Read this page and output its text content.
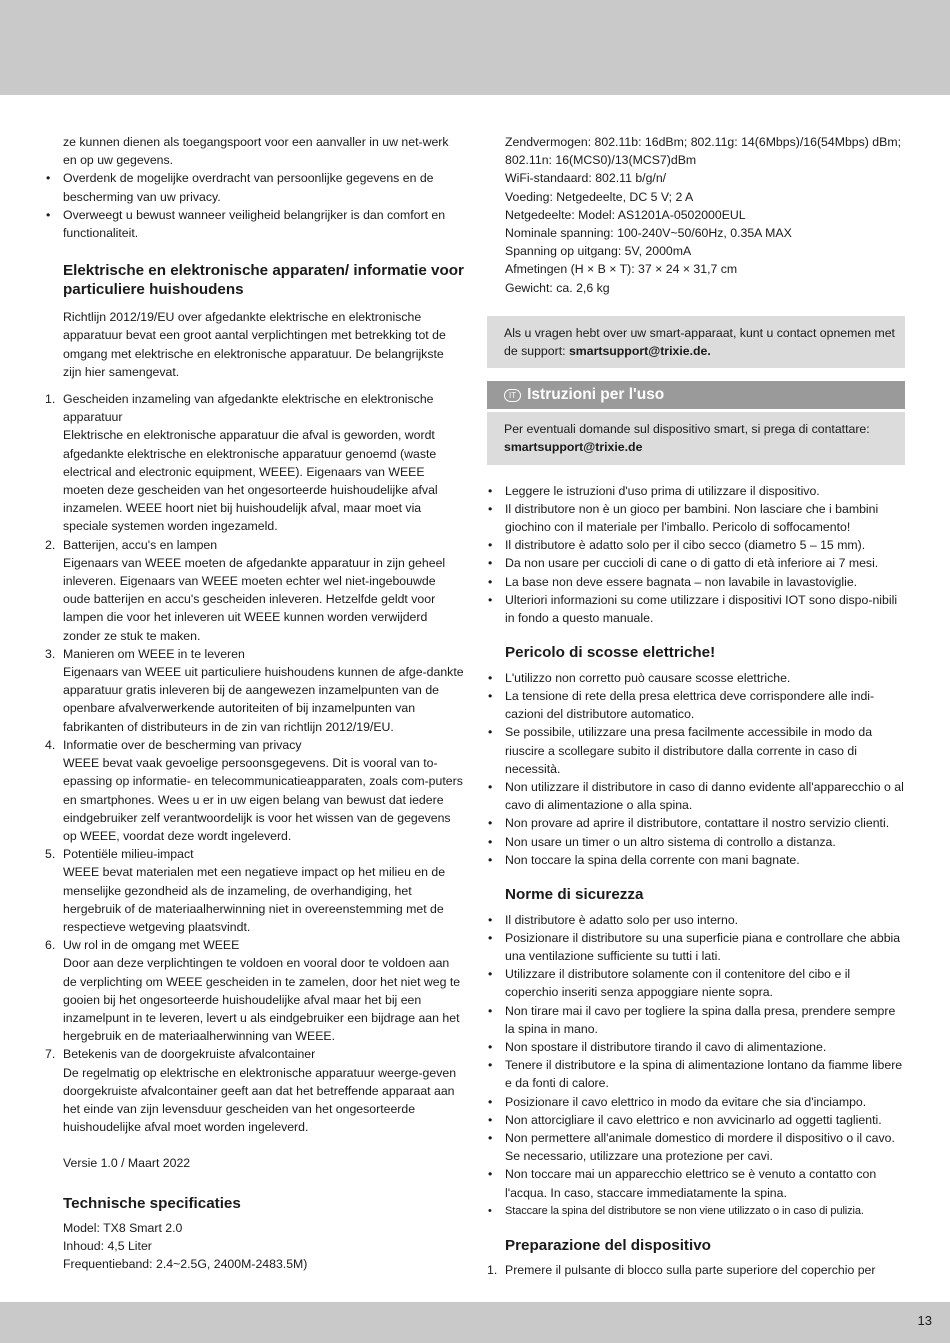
ze kunnen dienen als toegangspoort voor een aanvaller in uw net-werk en op uw gegevens.
• Overdenk de mogelijke overdracht van persoonlijke gegevens en de bescherming van uw privacy.
• Overweegt u bewust wanneer veiligheid belangrijker is dan comfort en functionaliteit.
Elektrische en elektronische apparaten/ informatie voor particuliere huishoudens

Richtlijn 2012/19/EU over afgedankte elektrische en elektronische apparatuur bevat een groot aantal verplichtingen met betrekking tot de omgang met elektrische en elektronische apparatuur. De belangrijkste zijn hier samengevat.

1. Gescheiden inzameling van afgedankte elektrische en elektronische apparatuur
Elektrische en elektronische apparatuur die afval is geworden, wordt afgedankte elektrische en elektronische apparatuur genoemd (waste electrical and electronic equipment, WEEE). Eigenaars van WEEE moeten deze gescheiden van het ongesorteerde huishoudelijke afval inzamelen. WEEE hoort niet bij huishoudelijk afval, maar moet via speciale systemen worden ingezameld.
2. Batterijen, accu's en lampen
Eigenaars van WEEE moeten de afgedankte apparatuur in zijn geheel inleveren. Eigenaars van WEEE moeten echter wel niet-ingebouwde oude batterijen en accu's gescheiden inleveren. Hetzelfde geldt voor lampen die voor het inleveren uit WEEE kunnen worden verwijderd zonder ze stuk te maken.
3. Manieren om WEEE in te leveren
Eigenaars van WEEE uit particuliere huishoudens kunnen de afge-dankte apparatuur gratis inleveren bij de aangewezen inzamelpunten van de openbare afvalverwerkende autoriteiten of bij inzamelpunten van fabrikanten of distributeurs in de zin van richtlijn 2012/19/EU.
4. Informatie over de bescherming van privacy
WEEE bevat vaak gevoelige persoonsgegevens. Dit is vooral van to-epassing op informatie- en telecommunicatieapparaten, zoals com-puters en smartphones. Wees u er in uw eigen belang van bewust dat iedere eindgebruiker zelf verantwoordelijk is voor het wissen van de gegevens op WEEE, voordat deze wordt ingeleverd.
5. Potentiële milieu-impact
WEEE bevat materialen met een negatieve impact op het milieu en de menselijke gezondheid als de inzameling, de overhandiging, het hergebruik of de materiaalherwinning niet in overeenstemming met de respectieve wetgeving plaatsvindt.
6. Uw rol in de omgang met WEEE
Door aan deze verplichtingen te voldoen en vooral door te voldoen aan de verplichting om WEEE gescheiden in te zamelen, door het niet weg te gooien bij het ongesorteerde huishoudelijke afval maar het bij een inzamelpunt in te leveren, levert u als eindgebruiker een bijdrage aan het hergebruik en de materiaalherwinning van WEEE.
7. Betekenis van de doorgekruiste afvalcontainer
De regelmatig op elektrische en elektronische apparatuur weerge-geven doorgekruiste afvalcontainer geeft aan dat het betreffende apparaat aan het einde van zijn levensduur gescheiden van het ongesorteerde huishoudelijke afval moet worden ingeleverd.

Versie 1.0 / Maart 2022

Technische specificaties
Model: TX8 Smart 2.0
Inhoud: 4,5 Liter
Frequentieband: 2.4~2.5G, 2400M-2483.5M)
Zendvermogen: 802.11b: 16dBm; 802.11g: 14(6Mbps)/16(54Mbps) dBm; 802.11n: 16(MCS0)/13(MCS7)dBm
WiFi-standaard: 802.11 b/g/n/
Voeding: Netgedeelte, DC 5 V; 2 A
Netgedeelte: Model: AS1201A-0502000EUL
Nominale spanning: 100-240V~50/60Hz, 0.35A MAX
Spanning op uitgang: 5V, 2000mA
Afmetingen (H × B × T): 37 × 24 × 31,7 cm
Gewicht: ca. 2,6 kg
Als u vragen hebt over uw smart-apparaat, kunt u contact opnemen met de support: smartsupport@trixie.de.
IT Istruzioni per l'uso
Per eventuali domande sul dispositivo smart, si prega di contattare: smartsupport@trixie.de
• Leggere le istruzioni d'uso prima di utilizzare il dispositivo.
• Il distributore non è un gioco per bambini. Non lasciare che i bambini giochino con il materiale per l'imballo. Pericolo di soffocamento!
• Il distributore è adatto solo per il cibo secco (diametro 5 – 15 mm).
• Da non usare per cuccioli di cane o di gatto di età inferiore ai 7 mesi.
• La base non deve essere bagnata – non lavabile in lavastoviglie.
• Ulteriori informazioni su come utilizzare i dispositivi IOT sono dispo-nibili in fondo a questo manuale.
Pericolo di scosse elettriche!
• L'utilizzo non corretto può causare scosse elettriche.
• La tensione di rete della presa elettrica deve corrispondere alle indi-cazioni del distributore automatico.
• Se possibile, utilizzare una presa facilmente accessibile in modo da riuscire a scollegare subito il distributore dalla corrente in caso di necessità.
• Non utilizzare il distributore in caso di danno evidente all'apparecchio o al cavo di alimentazione o alla spina.
• Non provare ad aprire il distributore, contattare il nostro servizio clienti.
• Non usare un timer o un altro sistema di controllo a distanza.
• Non toccare la spina della corrente con mani bagnate.
Norme di sicurezza
• Il distributore è adatto solo per uso interno.
• Posizionare il distributore su una superficie piana e controllare che abbia una ventilazione sufficiente su tutti i lati.
• Utilizzare il distributore solamente con il contenitore del cibo e il coperchio inseriti senza appoggiare niente sopra.
• Non tirare mai il cavo per togliere la spina dalla presa, prendere sempre la spina in mano.
• Non spostare il distributore tirando il cavo di alimentazione.
• Tenere il distributore e la spina di alimentazione lontano da fiamme libere e da fonti di calore.
• Posizionare il cavo elettrico in modo da evitare che sia d'inciampo.
• Non attorcigliare il cavo elettrico e non avvicinarlo ad oggetti taglienti.
• Non permettere all'animale domestico di mordere il dispositivo o il cavo. Se necessario, utilizzare una protezione per cavi.
• Non toccare mai un apparecchio elettrico se è venuto a contatto con l'acqua. In caso, staccare immediatamente la spina.
• Staccare la spina del distributore se non viene utilizzato o in caso di pulizia.
Preparazione del dispositivo
1. Premere il pulsante di blocco sulla parte superiore del coperchio per
13
